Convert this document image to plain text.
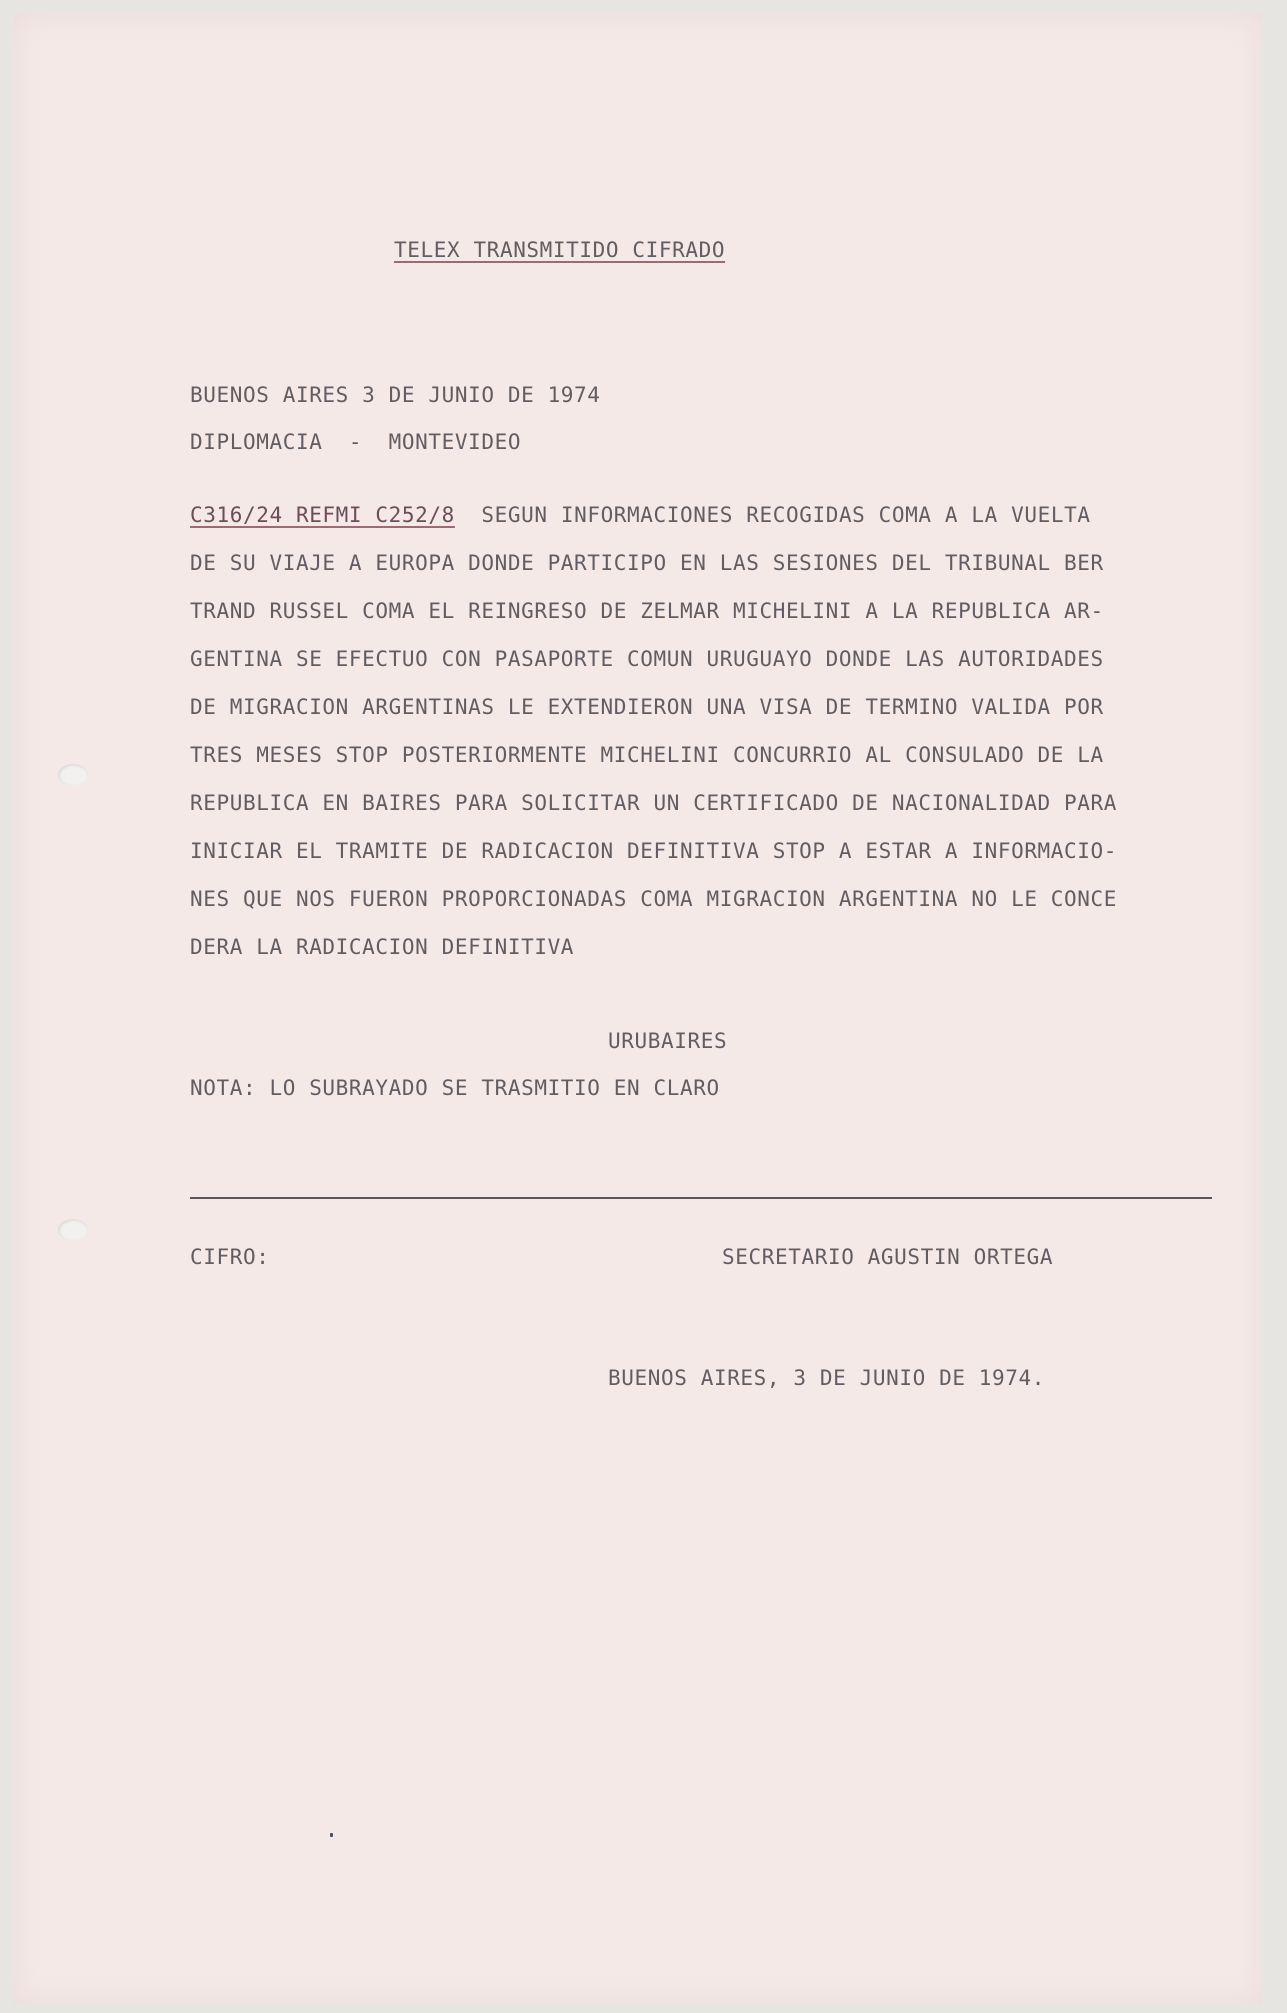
TELEX TRANSMITIDO CIFRADO
BUENOS AIRES 3 DE JUNIO DE 1974
DIPLOMACIA  -  MONTEVIDEO
C316/24 REFMI C252/8 SEGUN INFORMACIONES RECOGIDAS COMA A LA VUELTA
DE SU VIAJE A EUROPA DONDE PARTICIPO EN LAS SESIONES DEL TRIBUNAL BER
TRAND RUSSEL COMA EL REINGRESO DE ZELMAR MICHELINI A LA REPUBLICA AR-
GENTINA SE EFECTUO CON PASAPORTE COMUN URUGUAYO DONDE LAS AUTORIDADES
DE MIGRACION ARGENTINAS LE EXTENDIERON UNA VISA DE TERMINO VALIDA POR
TRES MESES STOP POSTERIORMENTE MICHELINI CONCURRIO AL CONSULADO DE LA
REPUBLICA EN BAIRES PARA SOLICITAR UN CERTIFICADO DE NACIONALIDAD PARA
INICIAR EL TRAMITE DE RADICACION DEFINITIVA STOP A ESTAR A INFORMACIO-
NES QUE NOS FUERON PROPORCIONADAS COMA MIGRACION ARGENTINA NO LE CONCE
DERA LA RADICACION DEFINITIVA
URUBAIRES
NOTA: LO SUBRAYADO SE TRASMITIO EN CLARO
CIFRO:	SECRETARIO AGUSTIN ORTEGA
BUENOS AIRES, 3 DE JUNIO DE 1974.
